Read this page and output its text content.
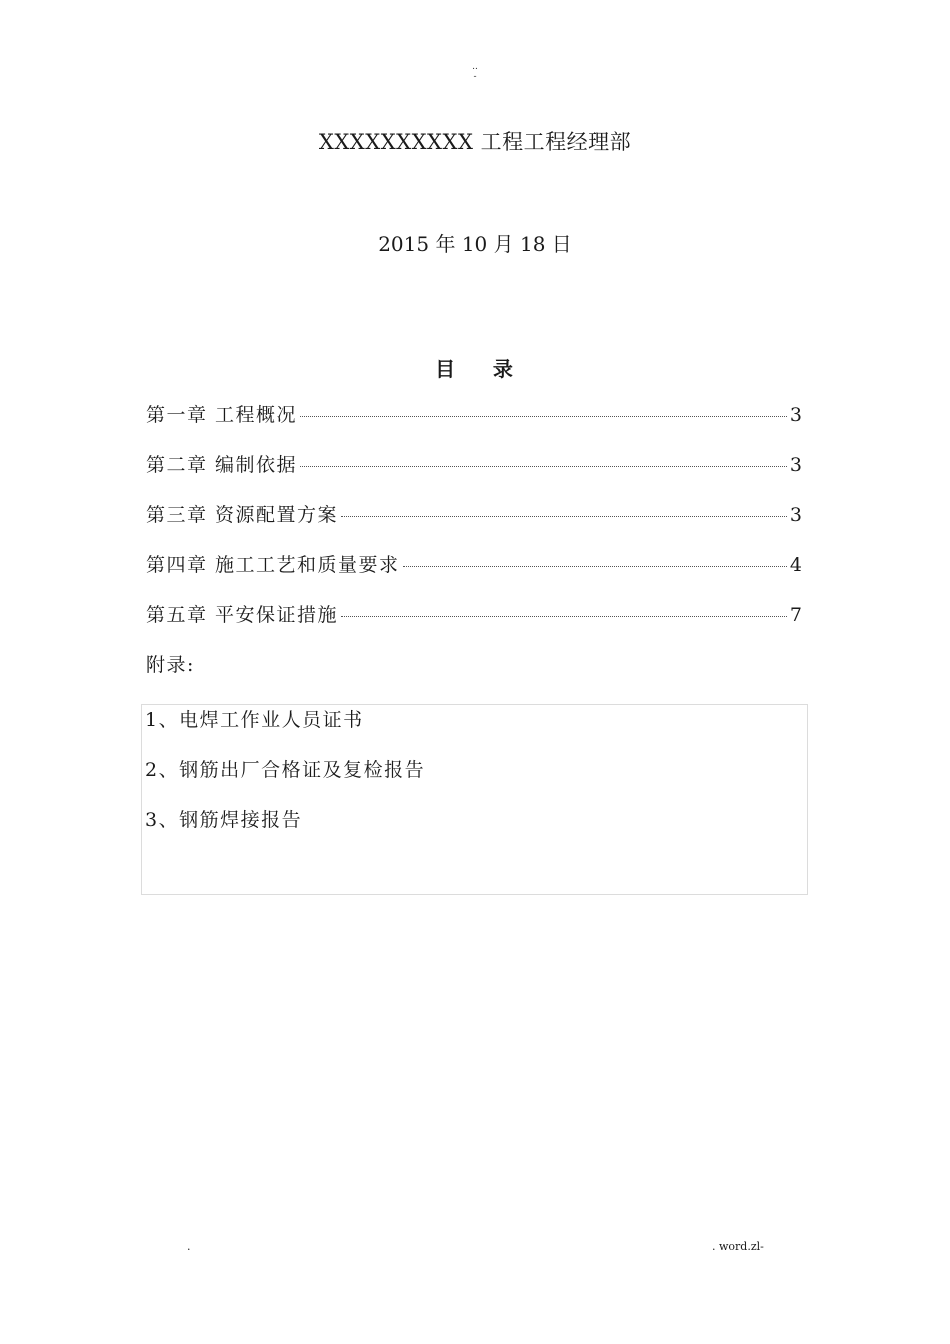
..
-
XXXXXXXXXX 工程工程经理部
2015 年 10 月 18 日
目    录
第一章 工程概况	3
第二章 编制依据	3
第三章 资源配置方案	3
第四章 施工工艺和质量要求	4
第五章 平安保证措施	7
附录:
1、电焊工作业人员证书
2、钢筋出厂合格证及复检报告
3、钢筋焊接报告
.	. word.zl-
